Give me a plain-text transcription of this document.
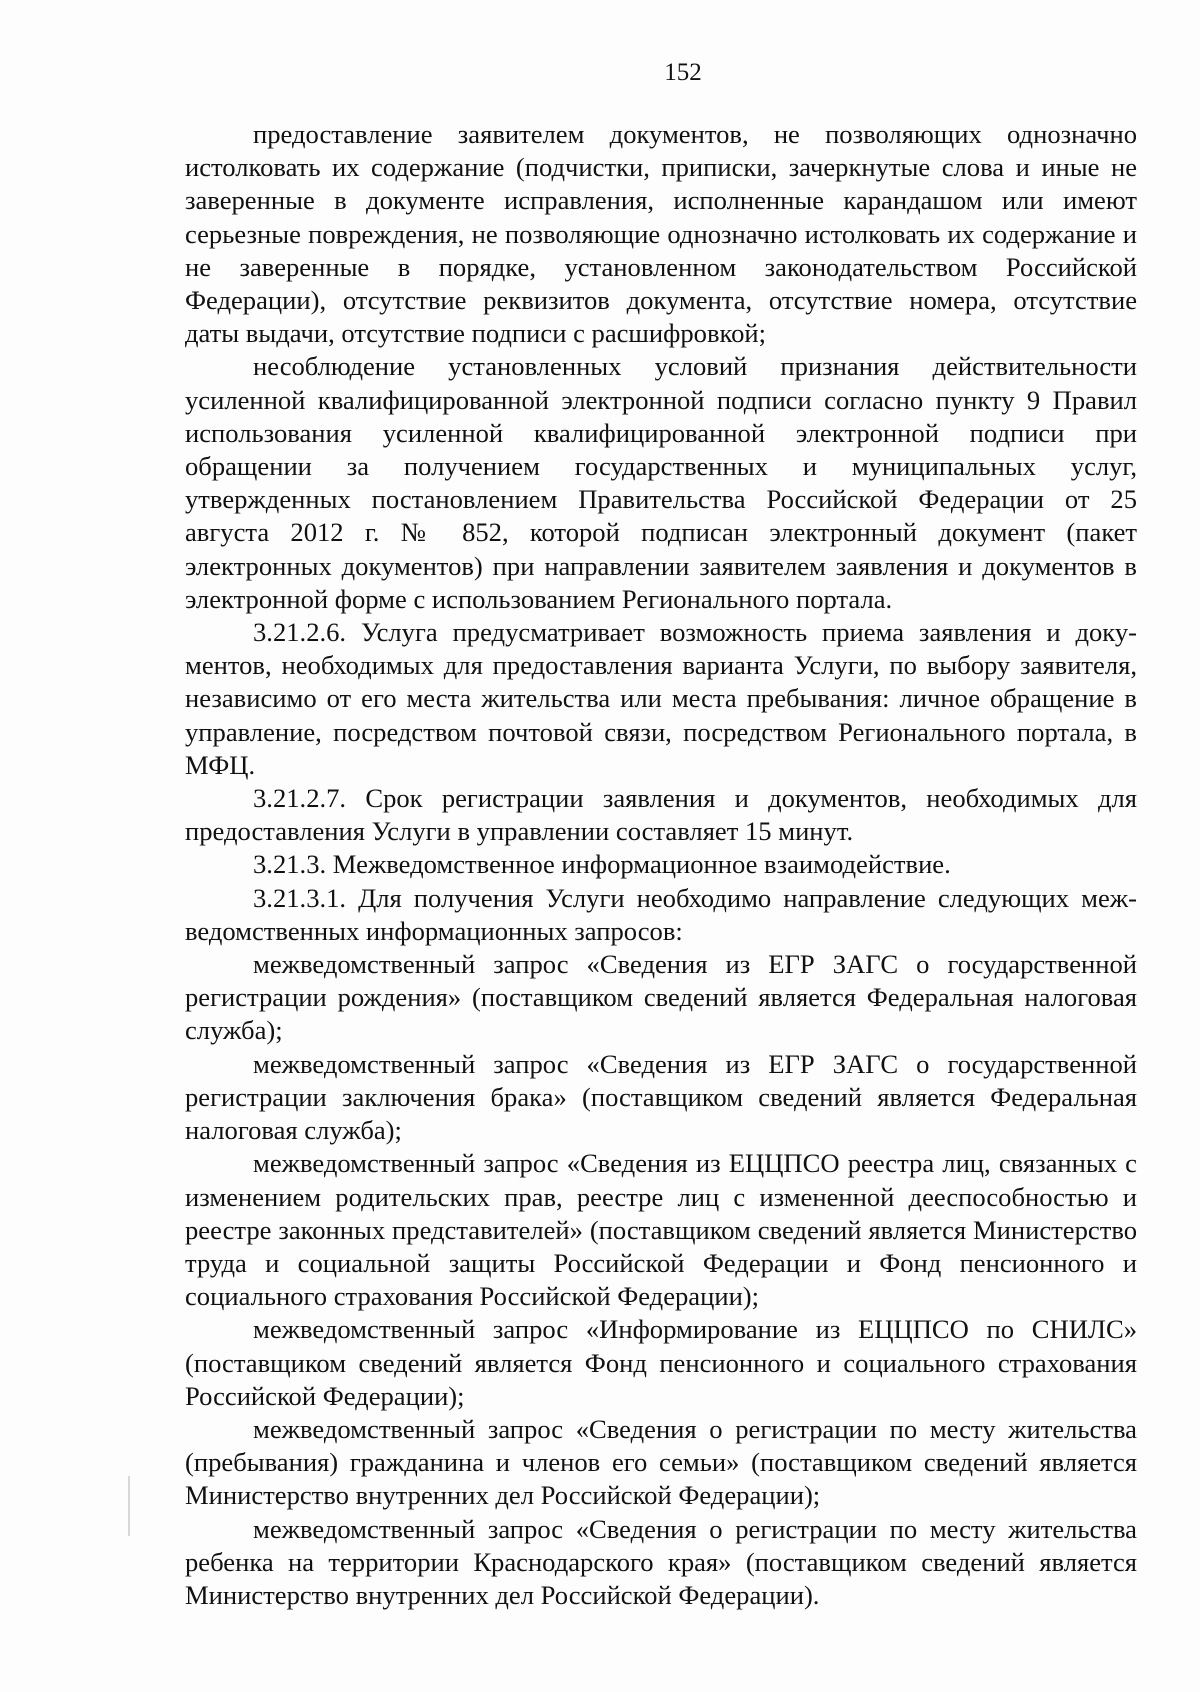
152

предоставление заявителем документов, не позволяющих однозначно истолковать их содержание (подчистки, приписки, зачеркнутые слова и иные не заверенные в документе исправления, исполненные карандашом или имеют серьезные повреждения, не позволяющие однозначно истолковать их содержание и не заверенные в порядке, установленном законодательством Российской Федерации), отсутствие реквизитов документа, отсутствие номера, отсутствие даты выдачи, отсутствие подписи с расшифровкой;

несоблюдение установленных условий признания действительности усиленной квалифицированной электронной подписи согласно пункту 9 Правил использования усиленной квалифицированной электронной подписи при обращении за получением государственных и муниципальных услуг, утвержденных постановлением Правительства Российской Федерации от 25 августа 2012 г. № 852, которой подписан электронный документ (пакет электронных документов) при направлении заявителем заявления и документов в электронной форме с использованием Регионального портала.

3.21.2.6. Услуга предусматривает возможность приема заявления и документов, необходимых для предоставления варианта Услуги, по выбору заявителя, независимо от его места жительства или места пребывания: личное обращение в управление, посредством почтовой связи, посредством Регионального портала, в МФЦ.

3.21.2.7. Срок регистрации заявления и документов, необходимых для предоставления Услуги в управлении составляет 15 минут.

3.21.3. Межведомственное информационное взаимодействие.

3.21.3.1. Для получения Услуги необходимо направление следующих межведомственных информационных запросов:

межведомственный запрос «Сведения из ЕГР ЗАГС о государственной регистрации рождения» (поставщиком сведений является Федеральная налоговая служба);

межведомственный запрос «Сведения из ЕГР ЗАГС о государственной регистрации заключения брака» (поставщиком сведений является Федеральная налоговая служба);

межведомственный запрос «Сведения из ЕЦЦПСО реестра лиц, связанных с изменением родительских прав, реестре лиц с измененной дееспособностью и реестре законных представителей» (поставщиком сведений является Министерство труда и социальной защиты Российской Федерации и Фонд пенсионного и социального страхования Российской Федерации);

межведомственный запрос «Информирование из ЕЦЦПСО по СНИЛС» (поставщиком сведений является Фонд пенсионного и социального страхования Российской Федерации);

межведомственный запрос «Сведения о регистрации по месту жительства (пребывания) гражданина и членов его семьи» (поставщиком сведений является Министерство внутренних дел Российской Федерации);

межведомственный запрос «Сведения о регистрации по месту жительства ребенка на территории Краснодарского края» (поставщиком сведений является Министерство внутренних дел Российской Федерации).
